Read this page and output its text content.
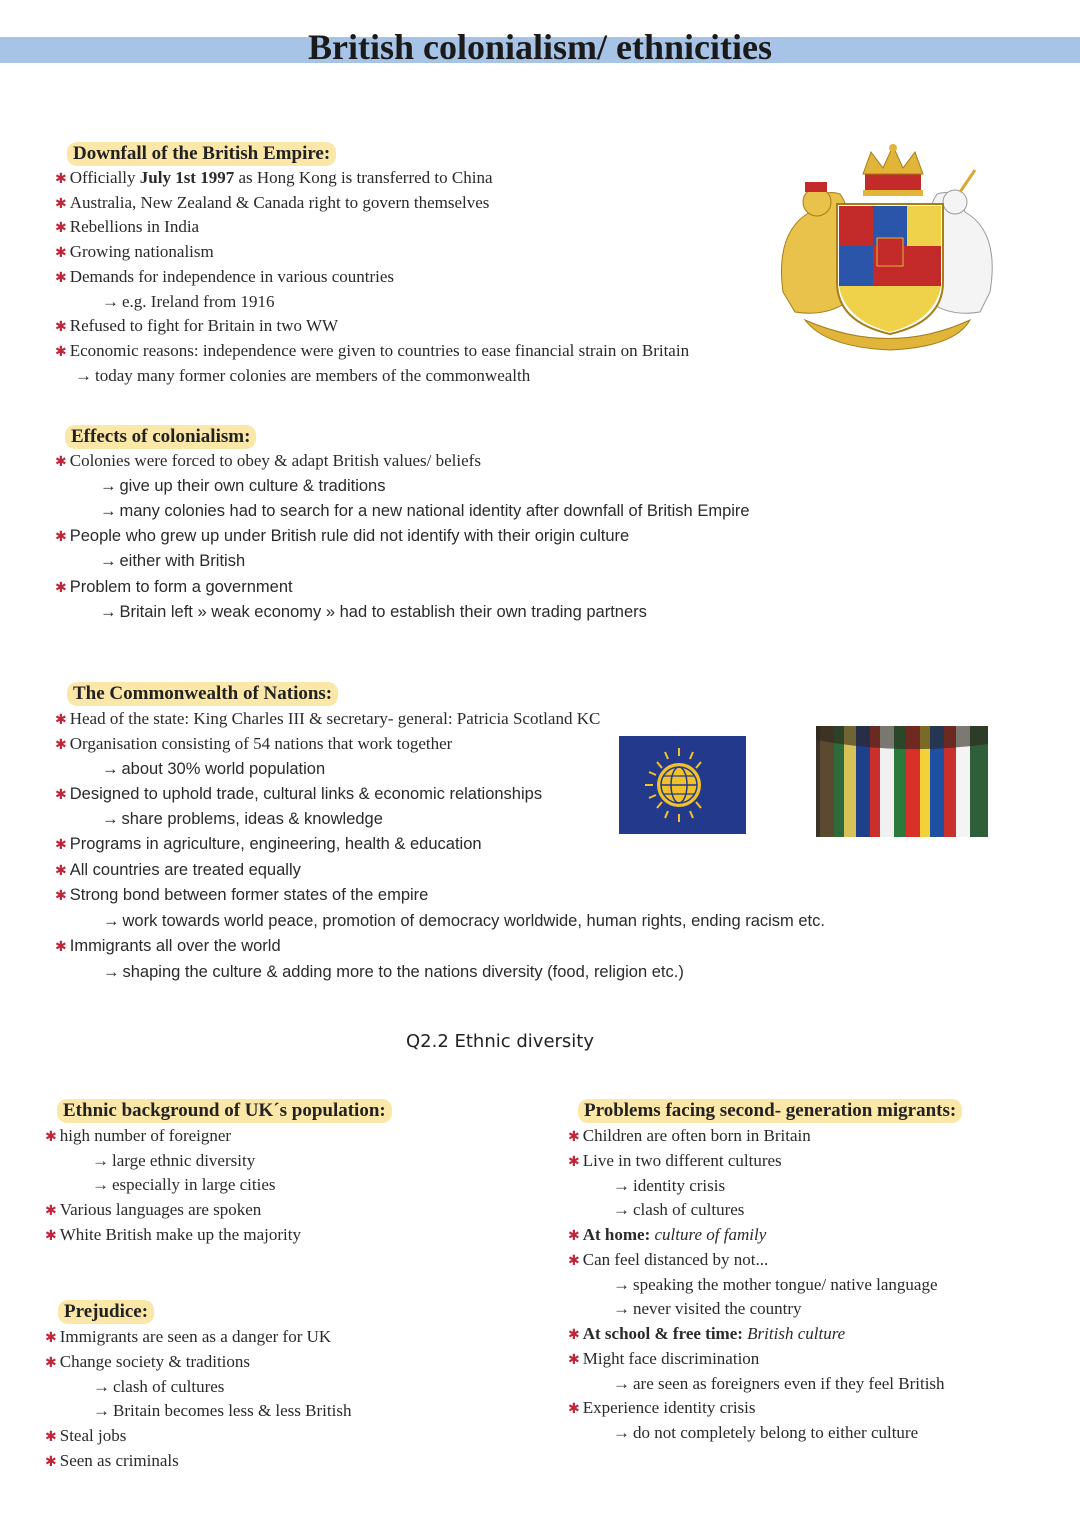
British colonialism/ ethnicities
Downfall of the British Empire:
✱ Officially July 1st 1997 as Hong Kong is transferred to China
✱ Australia, New Zealand & Canada right to govern themselves
✱ Rebellions in India
✱ Growing nationalism
✱ Demands for independence in various countries
→ e.g. Ireland from 1916
✱ Refused to fight for Britain in two WW
✱ Economic reasons: independence were given to countries to ease financial strain on Britain
→ today many former colonies are members of the commonwealth
Effects of colonialism:
✱ Colonies were forced to obey & adapt British values/ beliefs
→ give up their own culture & traditions
→ many colonies had to search for a new national identity after downfall of British Empire
✱ People who grew up under British rule did not identify with their origin culture
→ either with British
✱ Problem to form a government
→ Britain left » weak economy » had to establish their own trading partners
The Commonwealth of Nations:
✱ Head of the state: King Charles III & secretary- general: Patricia Scotland KC
✱ Organisation consisting of 54 nations that work together
→ about 30% world population
✱ Designed to uphold trade, cultural links & economic relationships
→ share problems, ideas & knowledge
✱ Programs in agriculture, engineering, health & education
✱ All countries are treated equally
✱ Strong bond between former states of the empire
→ work towards world peace, promotion of democracy worldwide, human rights, ending racism etc.
✱ Immigrants all over the world
→ shaping the culture & adding more to the nations diversity (food, religion etc.)
Q2.2 Ethnic diversity
Ethnic background of UK´s population:
✱ high number of foreigner
→ large ethnic diversity
→ especially in large cities
✱ Various languages are spoken
✱ White British make up the majority
Prejudice:
✱ Immigrants are seen as a danger for UK
✱ Change society & traditions
→ clash of cultures
→ Britain becomes less & less British
✱ Steal jobs
✱ Seen as criminals
Problems facing second- generation migrants:
✱ Children are often born in Britain
✱ Live in two different cultures
→ identity crisis
→ clash of cultures
✱ At home: culture of family
✱ Can feel distanced by not...
→ speaking the mother tongue/ native language
→ never visited the country
✱ At school & free time: British culture
✱ Might face discrimination
→ are seen as foreigners even if they feel British
✱ Experience identity crisis
→ do not completely belong to either culture
